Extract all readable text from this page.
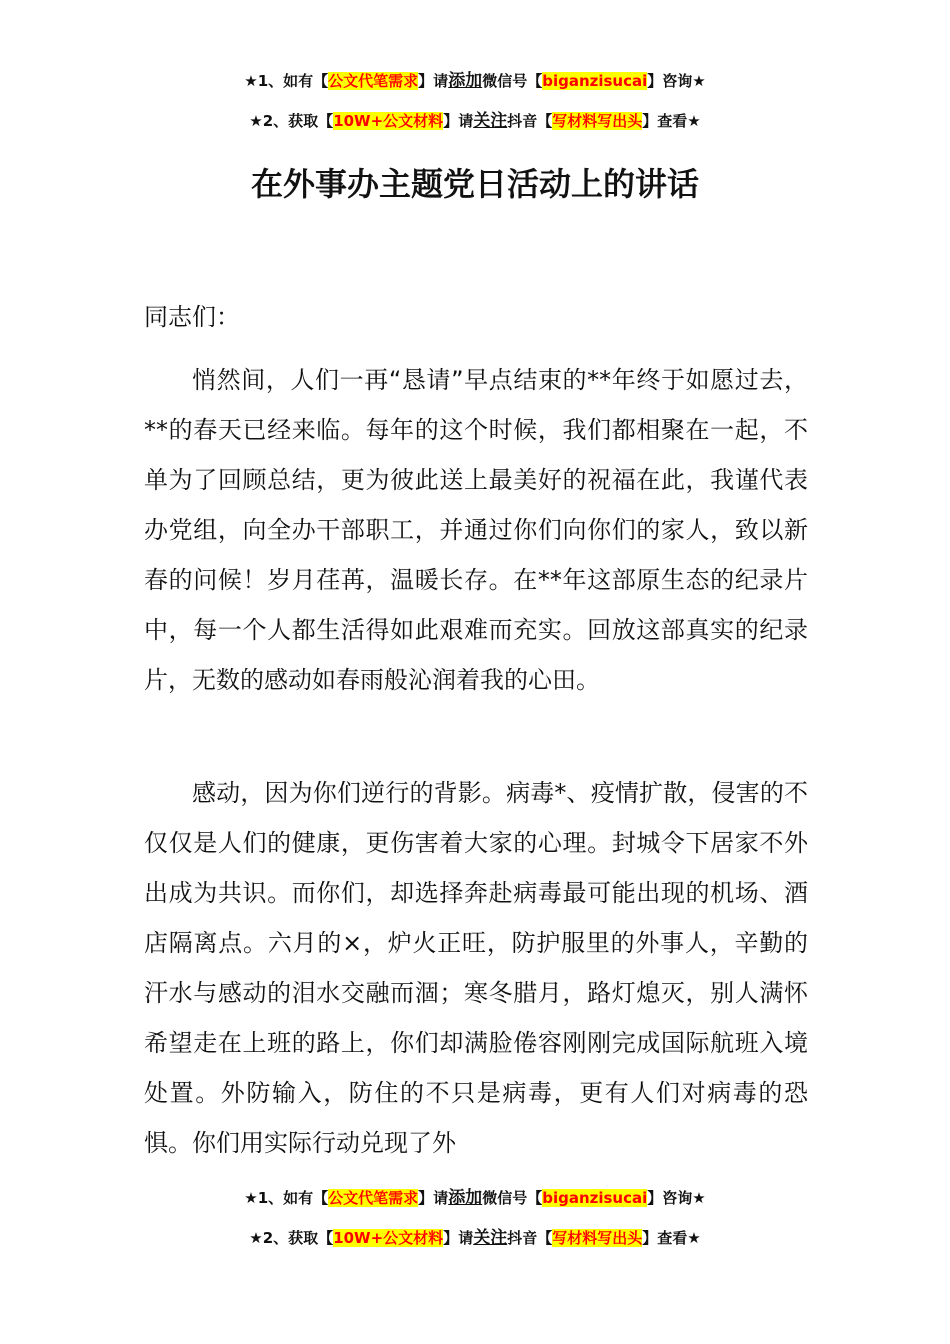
★1、如有【公文代笔需求】请添加微信号【biganzisucai】咨询★
★2、获取【10W+公文材料】请关注抖音【写材料写出头】查看★
在外事办主题党日活动上的讲话

同志们：

悄然间，人们一再“恳请”早点结束的**年终于如愿过去，**的春天已经来临。每年的这个时候，我们都相聚在一起，不单为了回顾总结，更为彼此送上最美好的祝福在此，我谨代表办党组，向全办干部职工，并通过你们向你们的家人，致以新春的问候！岁月荏苒，温暖长存。在**年这部原生态的纪录片中，每一个人都生活得如此艰难而充实。回放这部真实的纪录片，无数的感动如春雨般沁润着我的心田。

感动，因为你们逆行的背影。病毒*、疫情扩散，侵害的不仅仅是人们的健康，更伤害着大家的心理。封城令下居家不外出成为共识。而你们，却选择奔赴病毒最可能出现的机场、酒店隔离点。六月的×，炉火正旺，防护服里的外事人，辛勤的汗水与感动的泪水交融而涸；寒冬腊月，路灯熄灭，别人满怀希望走在上班的路上，你们却满脸倦容刚刚完成国际航班入境处置。外防输入，防住的不只是病毒，更有人们对病毒的恐惧。你们用实际行动兑现了外

★1、如有【公文代笔需求】请添加微信号【biganzisucai】咨询★
★2、获取【10W+公文材料】请关注抖音【写材料写出头】查看★
